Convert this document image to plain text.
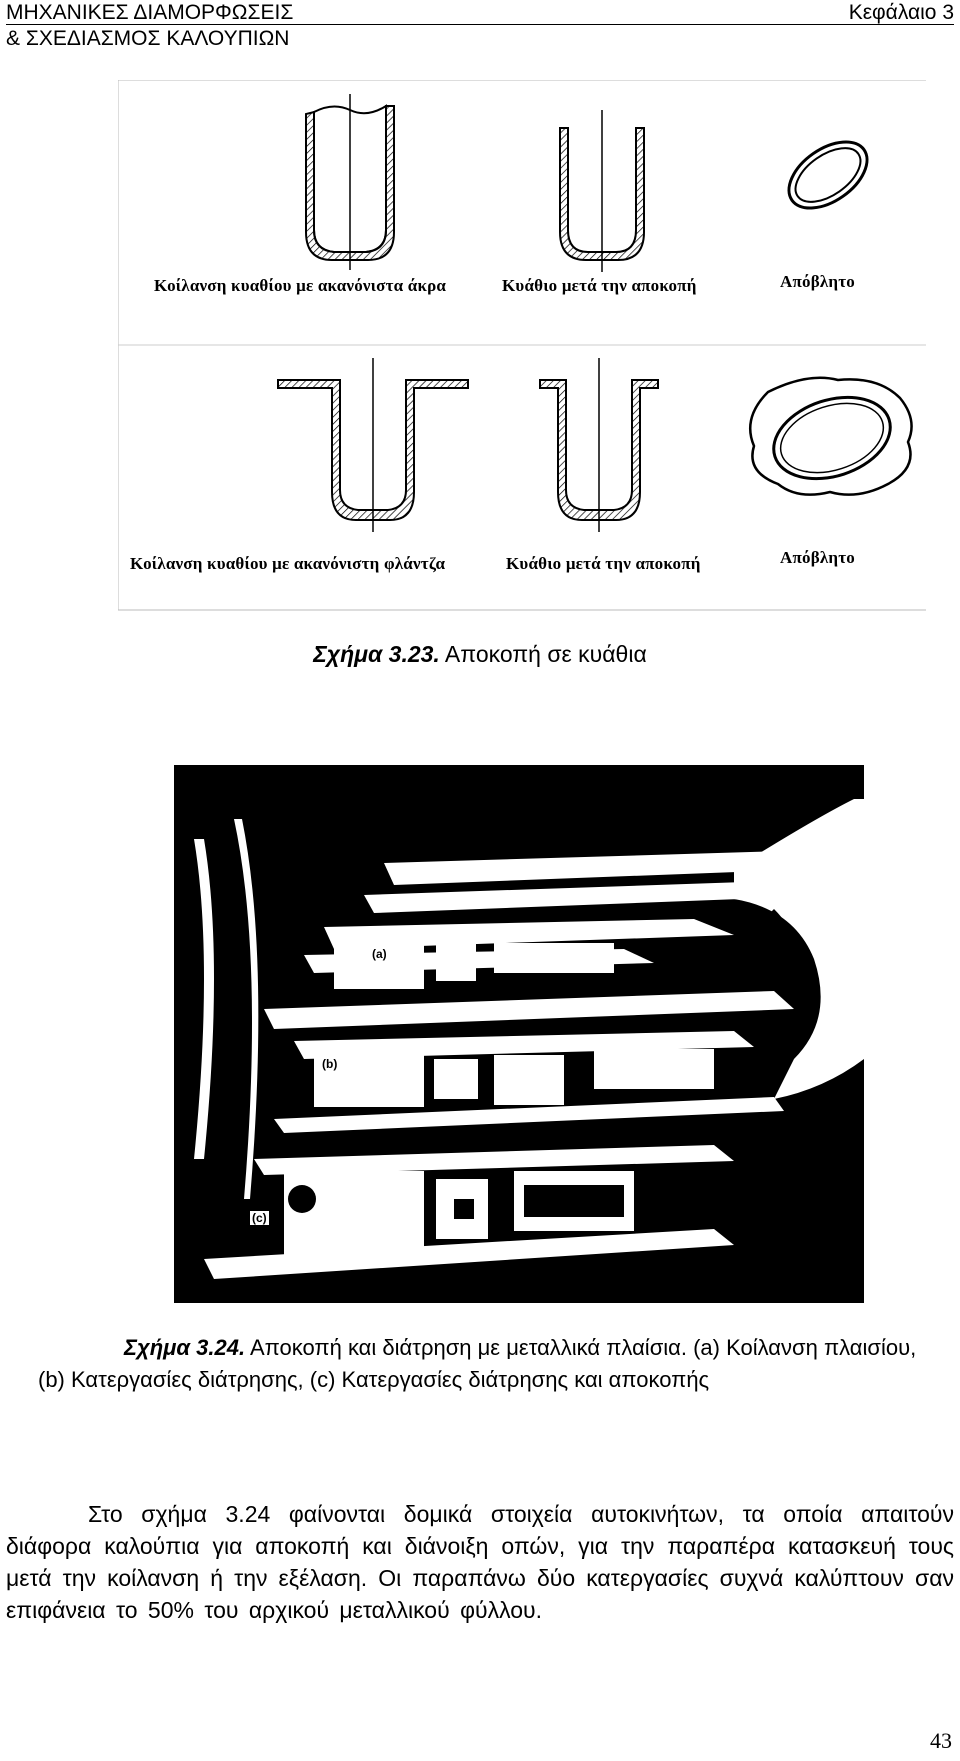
ΜΗΧΑΝΙΚΕΣ ΔΙΑΜΟΡΦΩΣΕΙΣ
& ΣΧΕΔΙΑΣΜΟΣ ΚΑΛΟΥΠΙΩΝ
Κεφάλαιο 3
Κοίλανση κυαθίου με ακανόνιστα άκρα	Κυάθιο μετά την αποκοπή	Απόβλητο
Κοίλανση κυαθίου με ακανόνιστη φλάντζα	Κυάθιο μετά την αποκοπή	Απόβλητο
Σχήμα 3.23. Αποκοπή σε κυάθια
(a)
(b)
(c)
Σχήμα 3.24. Αποκοπή και διάτρηση με μεταλλικά πλαίσια. (a) Κοίλανση πλαισίου, (b) Κατεργασίες διάτρησης, (c) Κατεργασίες διάτρησης και αποκοπής
Στο σχήμα 3.24 φαίνονται δομικά στοιχεία αυτοκινήτων, τα οποία απαιτούν διάφορα καλούπια για αποκοπή και διάνοιξη οπών, για την παραπέρα κατασκευή τους μετά την κοίλανση ή την εξέλαση. Οι παραπάνω δύο κατεργασίες συχνά καλύπτουν σαν επιφάνεια το 50% του αρχικού μεταλλικού φύλλου.
43
